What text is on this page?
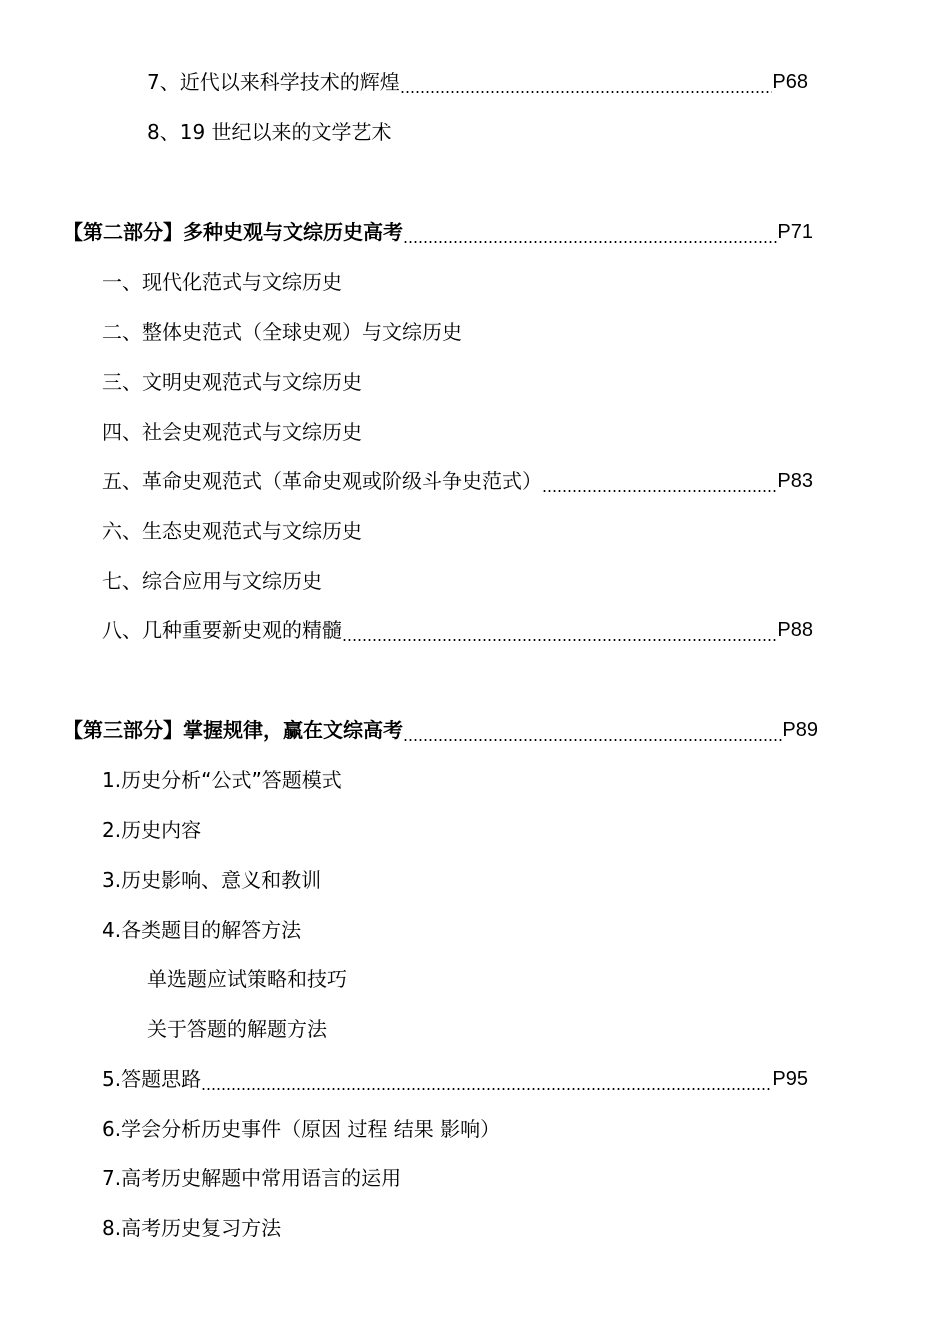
7、近代以来科学技术的辉煌	P68
8、19 世纪以来的文学艺术
【第二部分】多种史观与文综历史高考	P71
一、现代化范式与文综历史
二、整体史范式（全球史观）与文综历史
三、文明史观范式与文综历史
四、社会史观范式与文综历史
五、革命史观范式（革命史观或阶级斗争史范式）	P83
六、生态史观范式与文综历史
七、综合应用与文综历史
八、几种重要新史观的精髓	P88
【第三部分】掌握规律，赢在文综高考	P89
1.历史分析“公式”答题模式
2.历史内容
3.历史影响、意义和教训
4.各类题目的解答方法
单选题应试策略和技巧
关于答题的解题方法
5.答题思路	P95
6.学会分析历史事件（原因 过程 结果 影响）
7.高考历史解题中常用语言的运用
8.高考历史复习方法
